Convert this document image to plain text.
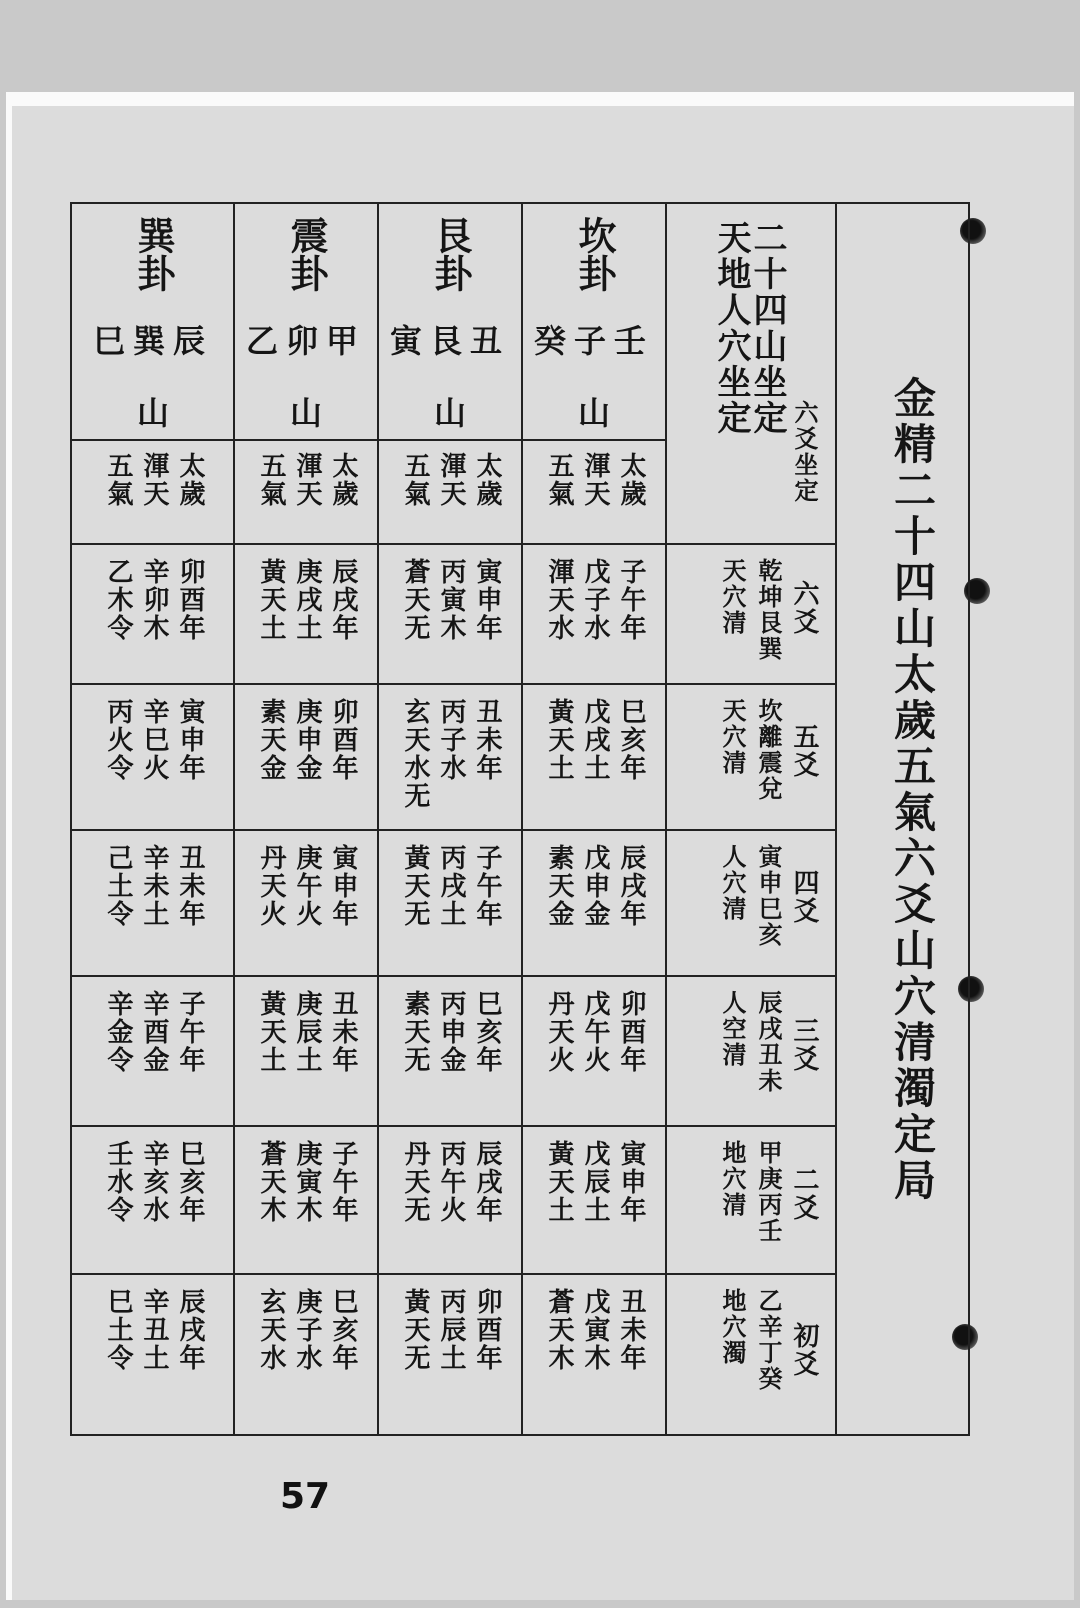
金精二十四山太歲五氣六爻山穴清濁定局
巽卦
辰巽巳
山
太歲
渾天
五氣
卯酉年
辛卯木
乙木令
寅申年
辛巳火
丙火令
丑未年
辛未土
己土令
子午年
辛酉金
辛金令
巳亥年
辛亥水
壬水令
辰戌年
辛丑土
巳土令
震卦
甲卯乙
山
太歲
渾天
五氣
辰戌年
庚戌土
黃天土
卯酉年
庚申金
素天金
寅申年
庚午火
丹天火
丑未年
庚辰土
黃天土
子午年
庚寅木
蒼天木
巳亥年
庚子水
玄天水
艮卦
丑艮寅
山
太歲
渾天
五氣
寅申年
丙寅木
蒼天无
丑未年
丙子水
玄天水无
子午年
丙戌土
黃天无
巳亥年
丙申金
素天无
辰戌年
丙午火
丹天无
卯酉年
丙辰土
黃天无
坎卦
壬子癸
山
太歲
渾天
五氣
子午年
戊子水
渾天水
巳亥年
戊戌土
黃天土
辰戌年
戊申金
素天金
卯酉年
戊午火
丹天火
寅申年
戊辰土
黃天土
丑未年
戊寅木
蒼天木
二十四山坐定
天地人穴坐定
六爻坐定
六爻
乾坤艮巽
天穴清
五爻
坎離震兌
天穴清
四爻
寅申巳亥
人穴清
三爻
辰戌丑未
人空清
二爻
甲庚丙壬
地穴清
初爻
乙辛丁癸
地穴濁
57
